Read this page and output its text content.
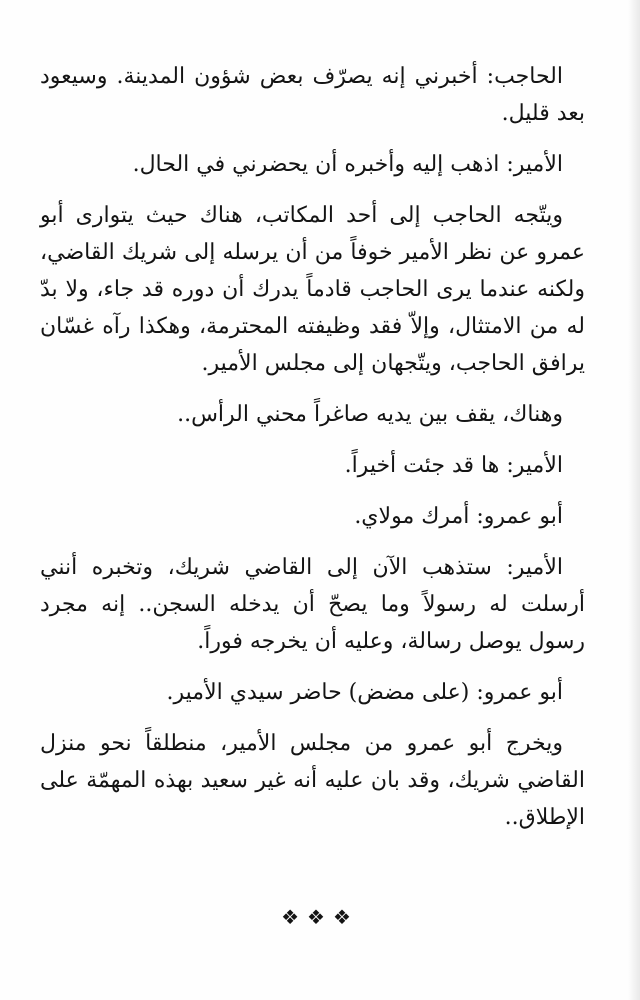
الحاجب: أخبرني إنه يصرّف بعض شؤون المدينة. وسيعود بعد قليل.

الأمير: اذهب إليه وأخبره أن يحضرني في الحال.

ويتّجه الحاجب إلى أحد المكاتب، هناك حيث يتوارى أبو عمرو عن نظر الأمير خوفاً من أن يرسله إلى شريك القاضي، ولكنه عندما يرى الحاجب قادماً يدرك أن دوره قد جاء، ولا بدّ له من الامتثال، وإلاّ فقد وظيفته المحترمة، وهكذا رآه غسّان يرافق الحاجب، ويتّجهان إلى مجلس الأمير.

وهناك، يقف بين يديه صاغراً محني الرأس..

الأمير: ها قد جئت أخيراً.

أبو عمرو: أمرك مولاي.

الأمير: ستذهب الآن إلى القاضي شريك، وتخبره أنني أرسلت له رسولاً وما يصحّ أن يدخله السجن.. إنه مجرد رسول يوصل رسالة، وعليه أن يخرجه فوراً.

أبو عمرو: (على مضض) حاضر سيدي الأمير.

ويخرج أبو عمرو من مجلس الأمير، منطلقاً نحو منزل القاضي شريك، وقد بان عليه أنه غير سعيد بهذه المهمّة على الإطلاق..

❖❖❖
